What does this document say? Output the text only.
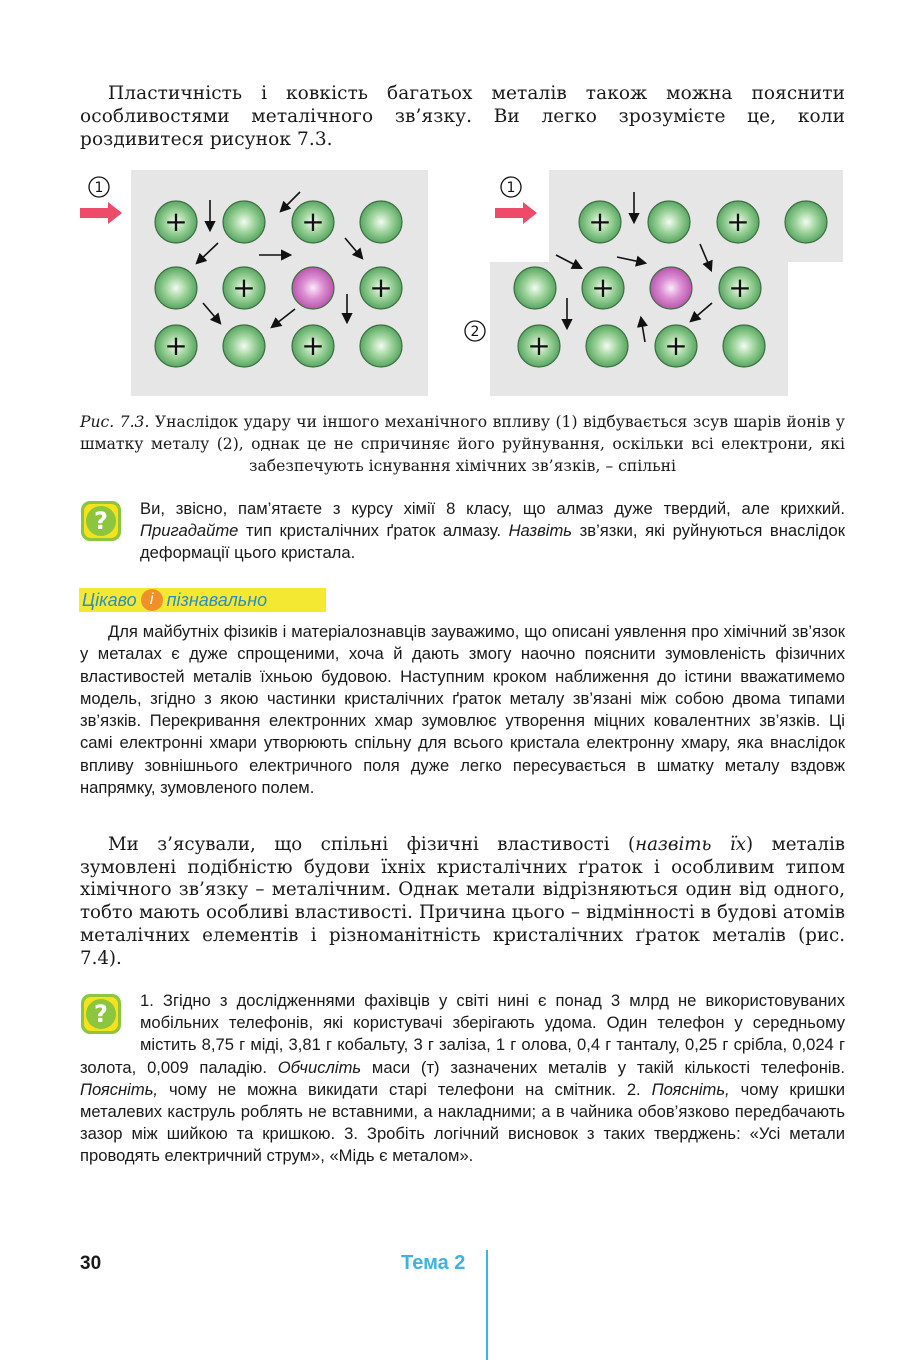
Пластичність і ковкість багатьох металів також можна пояснити особливостями металічного зв’язку. Ви легко зрозумієте це, коли роздивитеся рисунок 7.3.

+	+
+	+
+	+
+	+
+	+
+	+
1	1
2

Рис. 7.3. Унаслідок удару чи іншого механічного впливу (1) відбувається зсув шарів йонів у шматку металу (2), однак це не спричиняє його руйнування, оскільки всі електрони, які забезпечують існування хімічних зв’язків, – спільні

? Ви, звісно, пам’ятаєте з курсу хімії 8 класу, що алмаз дуже твердий, але крихкий. Пригадайте тип кристалічних ґраток алмазу. Назвіть зв’язки, які руйнуються внаслідок деформації цього кристала.

Цікаво і пізнавально

Для майбутніх фізиків і матеріалознавців зауважимо, що описані уявлення про хімічний зв’язок у металах є дуже спрощеними, хоча й дають змогу наочно пояснити зумовленість фізичних властивостей металів їхньою будовою. Наступним кроком наближення до істини вважатимемо модель, згідно з якою частинки кристалічних ґраток металу зв’язані між собою двома типами зв’язків. Перекривання електронних хмар зумовлює утворення міцних ковалентних зв’язків. Ці самі електронні хмари утворюють спільну для всього кристала електронну хмару, яка внаслідок впливу зовнішнього електричного поля дуже легко пересувається в шматку металу вздовж напрямку, зумовленого полем.

Ми з’ясували, що спільні фізичні властивості (назвіть їх) металів зумовлені подібністю будови їхніх кристалічних ґраток і особливим типом хімічного зв’язку – металічним. Однак метали відрізняються один від одного, тобто мають особливі властивості. Причина цього – відмінності в будові атомів металічних елементів і різноманітність кристалічних ґраток металів (рис. 7.4).

?	1. Згідно з дослідженнями фахівців у світі нині є понад 3 млрд не використовуваних мобільних телефонів, які користувачі зберігають удома. Один телефон у середньому містить 8,75 г міді, 3,81 г кобальту, 3 г заліза, 1 г олова, 0,4 г танталу, 0,25 г срібла, 0,024 г золота, 0,009 паладію. Обчисліть маси (т) зазначених металів у такій кількості телефонів. Поясніть, чому не можна викидати старі телефони на смітник. 2. Поясніть, чому кришки металевих каструль роблять не вставними, а накладними; а в чайника обов’язково передбачають зазор між шийкою та кришкою. 3. Зробіть логічний висновок з таких тверджень: «Усі метали проводять електричний струм», «Мідь є металом».
30	Тема 2
